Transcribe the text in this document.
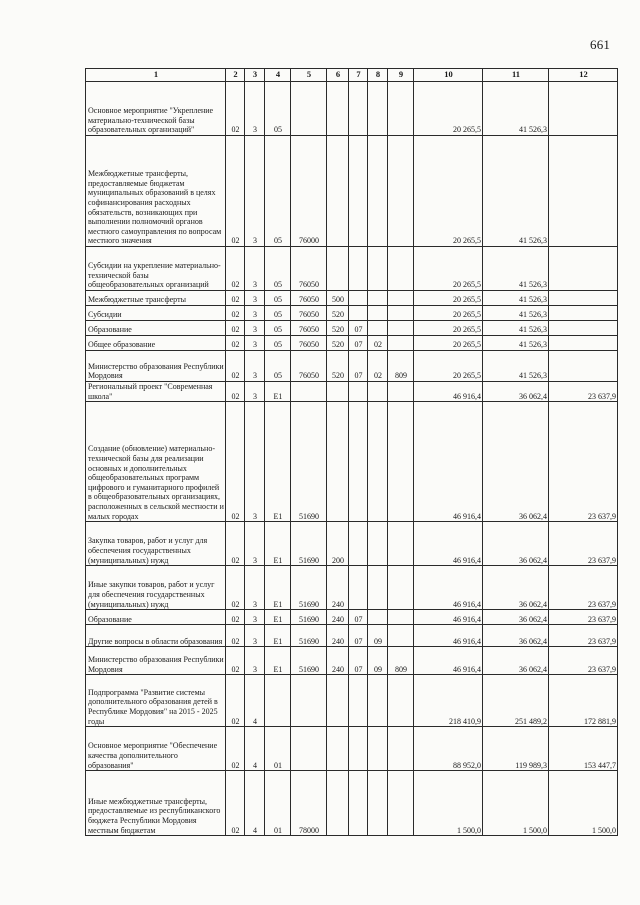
661
1	2	3	4	5	6	7	8	9	10	11	12
Основное мероприятие "Укрепление материально-технической базы образовательных организаций"	02	3	05						20 265,5	41 526,3	
Межбюджетные трансферты, предоставляемые бюджетам муниципальных образований в целях софинансирования расходных обязательств, возникающих при выполнении полномочий органов местного самоуправления по вопросам местного значения	02	3	05	76000					20 265,5	41 526,3	
Субсидии на укрепление материально-технической базы общеобразовательных организаций	02	3	05	76050					20 265,5	41 526,3	
Межбюджетные трансферты	02	3	05	76050	500				20 265,5	41 526,3	
Субсидии	02	3	05	76050	520				20 265,5	41 526,3	
Образование	02	3	05	76050	520	07			20 265,5	41 526,3	
Общее образование	02	3	05	76050	520	07	02		20 265,5	41 526,3	
Министерство образования Республики Мордовия	02	3	05	76050	520	07	02	809	20 265,5	41 526,3	
Региональный проект "Современная школа"	02	3	E1						46 916,4	36 062,4	23 637,9
Создание (обновление) материально-технической базы для реализации основных и дополнительных общеобразовательных программ цифрового и гуманитарного профилей в общеобразовательных организациях, расположенных в сельской местности и малых городах	02	3	E1	51690					46 916,4	36 062,4	23 637,9
Закупка товаров, работ и услуг для обеспечения государственных (муниципальных) нужд	02	3	E1	51690	200				46 916,4	36 062,4	23 637,9
Иные закупки товаров, работ и услуг для обеспечения государственных (муниципальных) нужд	02	3	E1	51690	240				46 916,4	36 062,4	23 637,9
Образование	02	3	E1	51690	240	07			46 916,4	36 062,4	23 637,9
Другие вопросы в области образования	02	3	E1	51690	240	07	09		46 916,4	36 062,4	23 637,9
Министерство образования Республики Мордовия	02	3	E1	51690	240	07	09	809	46 916,4	36 062,4	23 637,9
Подпрограмма "Развитие системы дополнительного образования детей в Республике Мордовия" на 2015 - 2025 годы	02	4							218 410,9	251 489,2	172 881,9
Основное мероприятие "Обеспечение качества дополнительного образования"	02	4	01						88 952,0	119 989,3	153 447,7
Иные межбюджетные трансферты, предоставляемые из республиканского бюджета Республики Мордовия местным бюджетам	02	4	01	78000					1 500,0	1 500,0	1 500,0
